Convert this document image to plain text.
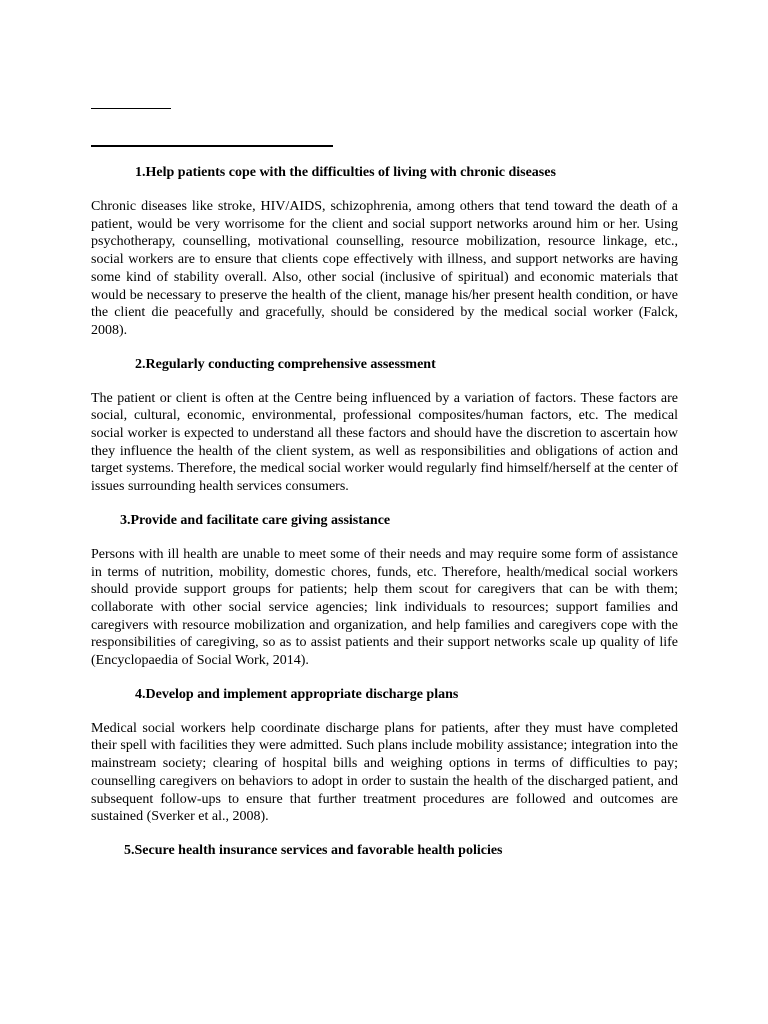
1.Help patients cope with the difficulties of living with chronic diseases

Chronic diseases like stroke, HIV/AIDS, schizophrenia, among others that tend toward the death of a patient, would be very worrisome for the client and social support networks around him or her. Using psychotherapy, counselling, motivational counselling, resource mobilization, resource linkage, etc., social workers are to ensure that clients cope effectively with illness, and support networks are having some kind of stability overall. Also, other social (inclusive of spiritual) and economic materials that would be necessary to preserve the health of the client, manage his/her present health condition, or have the client die peacefully and gracefully, should be considered by the medical social worker (Falck, 2008).

2.Regularly conducting comprehensive assessment

The patient or client is often at the Centre being influenced by a variation of factors. These factors are social, cultural, economic, environmental, professional composites/human factors, etc. The medical social worker is expected to understand all these factors and should have the discretion to ascertain how they influence the health of the client system, as well as responsibilities and obligations of action and target systems. Therefore, the medical social worker would regularly find himself/herself at the center of issues surrounding health services consumers.

3.Provide and facilitate care giving assistance

Persons with ill health are unable to meet some of their needs and may require some form of assistance in terms of nutrition, mobility, domestic chores, funds, etc. Therefore, health/medical social workers should provide support groups for patients; help them scout for caregivers that can be with them; collaborate with other social service agencies; link individuals to resources; support families and caregivers with resource mobilization and organization, and help families and caregivers cope with the responsibilities of caregiving, so as to assist patients and their support networks scale up quality of life (Encyclopaedia of Social Work, 2014).

4.Develop and implement appropriate discharge plans

Medical social workers help coordinate discharge plans for patients, after they must have completed their spell with facilities they were admitted. Such plans include mobility assistance; integration into the mainstream society; clearing of hospital bills and weighing options in terms of difficulties to pay; counselling caregivers on behaviors to adopt in order to sustain the health of the discharged patient, and subsequent follow-ups to ensure that further treatment procedures are followed and outcomes are sustained (Sverker et al., 2008).

5.Secure health insurance services and favorable health policies
